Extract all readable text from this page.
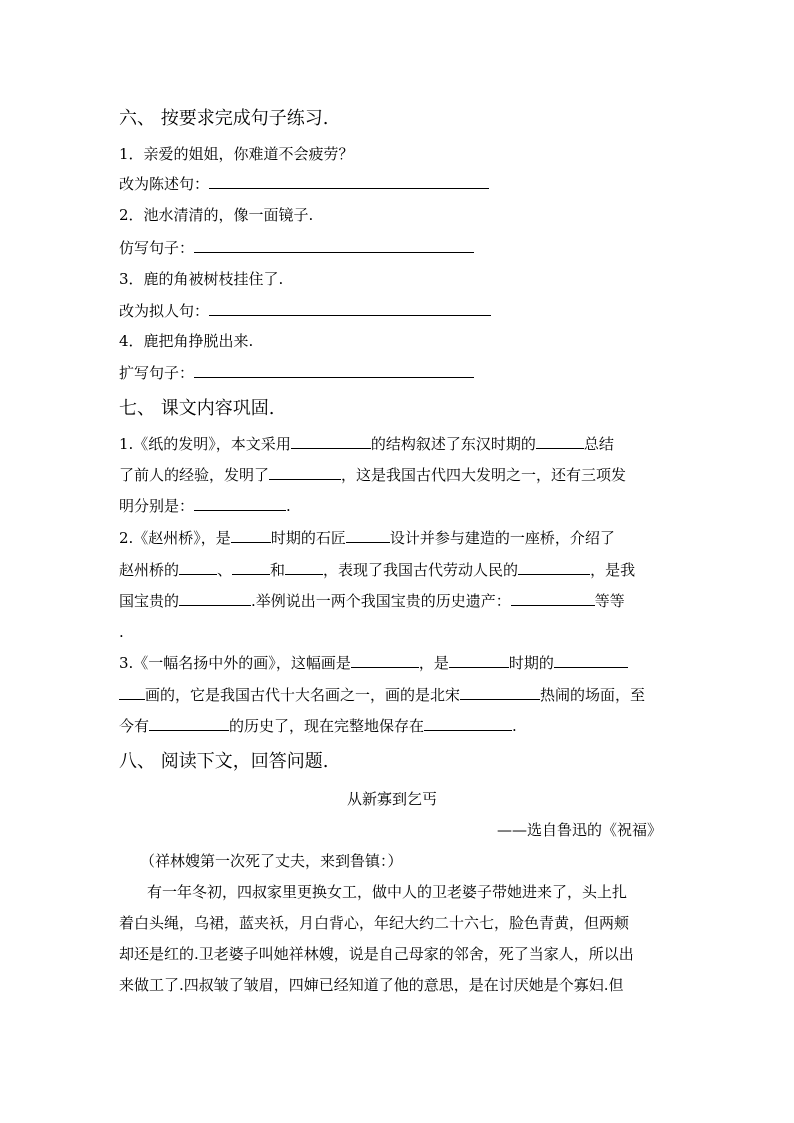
六、 按要求完成句子练习.
1．亲爱的姐姐，你难道不会疲劳？
改为陈述句：
2．池水清清的，像一面镜子.
仿写句子：
3．鹿的角被树枝挂住了.
改为拟人句：
4．鹿把角挣脱出来.
扩写句子：
七、 课文内容巩固.
1.《纸的发明》，本文采用	的结构叙述了东汉时期的	总结
了前人的经验，发明了	，这是我国古代四大发明之一，还有三项发
明分别是：	.
2.《赵州桥》，是	时期的石匠	设计并参与建造的一座桥，介绍了
赵州桥的	、	和	，表现了我国古代劳动人民的	，是我
国宝贵的	.举例说出一两个我国宝贵的历史遗产：	等等
.
3.《一幅名扬中外的画》，这幅画是	，是	时期的
画的，它是我国古代十大名画之一，画的是北宋	热闹的场面，至
今有	的历史了，现在完整地保存在	.
八、 阅读下文，回答问题.
从新寡到乞丐
——选自鲁迅的《祝福》
（祥林嫂第一次死了丈夫，来到鲁镇：）
有一年冬初，四叔家里更换女工，做中人的卫老婆子带她进来了，头上扎
着白头绳，乌裙，蓝夹袄，月白背心，年纪大约二十六七，脸色青黄，但两颊
却还是红的.卫老婆子叫她祥林嫂，说是自己母家的邻舍，死了当家人，所以出
来做工了.四叔皱了皱眉，四婶已经知道了他的意思，是在讨厌她是个寡妇.但
